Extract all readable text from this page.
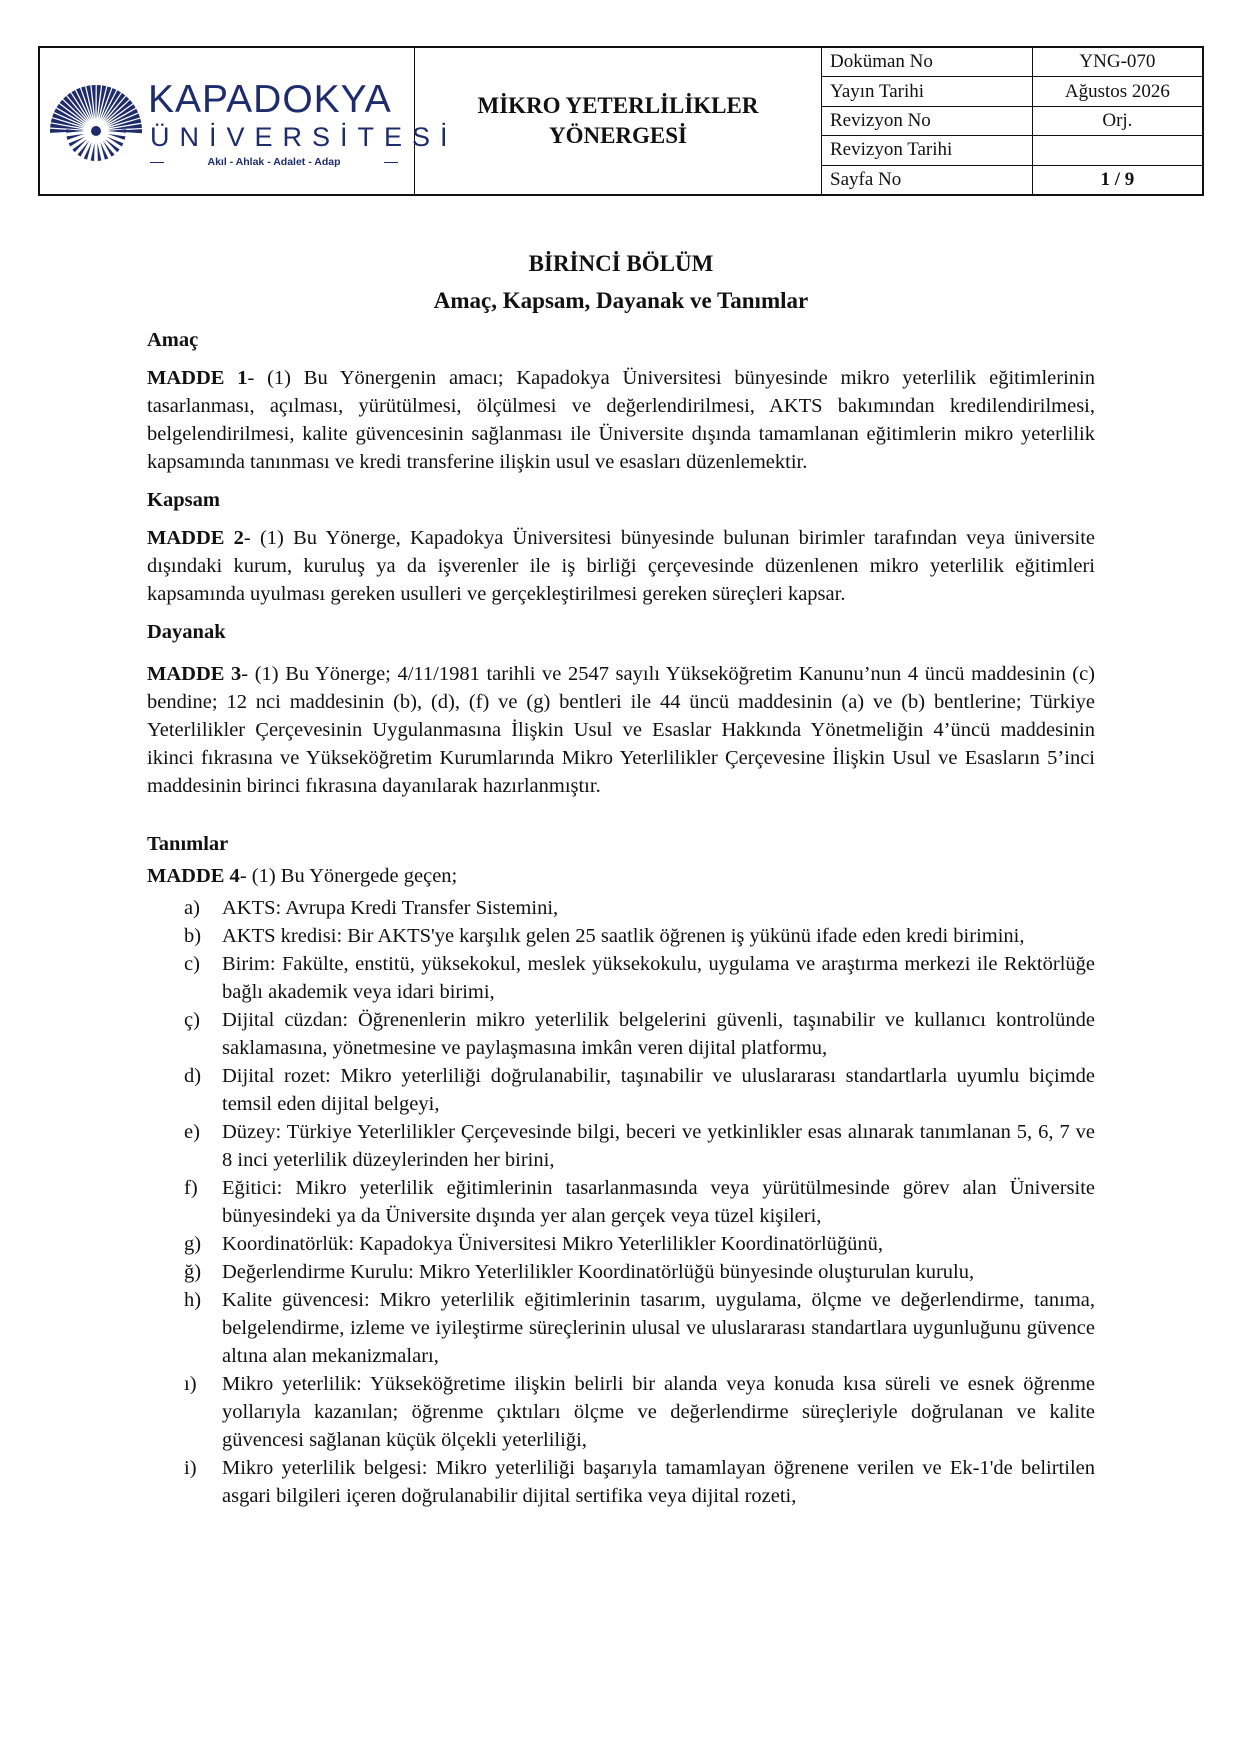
KAPADOKYA
ÜNİVERSİTESİ
Akıl - Ahlak - Adalet - Adap
MİKRO YETERLİLİKLER
YÖNERGESİ
Doküman No	YNG-070
Yayın Tarihi	Ağustos 2026
Revizyon No	Orj.
Revizyon Tarihi	
Sayfa No	1 / 9
BİRİNCİ BÖLÜM
Amaç, Kapsam, Dayanak ve Tanımlar
Amaç

MADDE 1- (1) Bu Yönergenin amacı; Kapadokya Üniversitesi bünyesinde mikro yeterlilik eğitimlerinin tasarlanması, açılması, yürütülmesi, ölçülmesi ve değerlendirilmesi, AKTS bakımından kredilendirilmesi, belgelendirilmesi, kalite güvencesinin sağlanması ile Üniversite dışında tamamlanan eğitimlerin mikro yeterlilik kapsamında tanınması ve kredi transferine ilişkin usul ve esasları düzenlemektir.

Kapsam

MADDE 2- (1) Bu Yönerge, Kapadokya Üniversitesi bünyesinde bulunan birimler tarafından veya üniversite dışındaki kurum, kuruluş ya da işverenler ile iş birliği çerçevesinde düzenlenen mikro yeterlilik eğitimleri kapsamında uyulması gereken usulleri ve gerçekleştirilmesi gereken süreçleri kapsar.

Dayanak

MADDE 3- (1) Bu Yönerge; 4/11/1981 tarihli ve 2547 sayılı Yükseköğretim Kanunu’nun 4 üncü maddesinin (c) bendine; 12 nci maddesinin (b), (d), (f) ve (g) bentleri ile 44 üncü maddesinin (a) ve (b) bentlerine; Türkiye Yeterlilikler Çerçevesinin Uygulanmasına İlişkin Usul ve Esaslar Hakkında Yönetmeliğin 4’üncü maddesinin ikinci fıkrasına ve Yükseköğretim Kurumlarında Mikro Yeterlilikler Çerçevesine İlişkin Usul ve Esasların 5’inci maddesinin birinci fıkrasına dayanılarak hazırlanmıştır.

Tanımlar

MADDE 4- (1) Bu Yönergede geçen;

a) AKTS: Avrupa Kredi Transfer Sistemini,
b) AKTS kredisi: Bir AKTS'ye karşılık gelen 25 saatlik öğrenen iş yükünü ifade eden kredi birimini,
c) Birim: Fakülte, enstitü, yüksekokul, meslek yüksekokulu, uygulama ve araştırma merkezi ile Rektörlüğe bağlı akademik veya idari birimi,
ç) Dijital cüzdan: Öğrenenlerin mikro yeterlilik belgelerini güvenli, taşınabilir ve kullanıcı kontrolünde saklamasına, yönetmesine ve paylaşmasına imkân veren dijital platformu,
d) Dijital rozet: Mikro yeterliliği doğrulanabilir, taşınabilir ve uluslararası standartlarla uyumlu biçimde temsil eden dijital belgeyi,
e) Düzey: Türkiye Yeterlilikler Çerçevesinde bilgi, beceri ve yetkinlikler esas alınarak tanımlanan 5, 6, 7 ve 8 inci yeterlilik düzeylerinden her birini,
f) Eğitici: Mikro yeterlilik eğitimlerinin tasarlanmasında veya yürütülmesinde görev alan Üniversite bünyesindeki ya da Üniversite dışında yer alan gerçek veya tüzel kişileri,
g) Koordinatörlük: Kapadokya Üniversitesi Mikro Yeterlilikler Koordinatörlüğünü,
ğ) Değerlendirme Kurulu: Mikro Yeterlilikler Koordinatörlüğü bünyesinde oluşturulan kurulu,
h) Kalite güvencesi: Mikro yeterlilik eğitimlerinin tasarım, uygulama, ölçme ve değerlendirme, tanıma, belgelendirme, izleme ve iyileştirme süreçlerinin ulusal ve uluslararası standartlara uygunluğunu güvence altına alan mekanizmaları,
ı) Mikro yeterlilik: Yükseköğretime ilişkin belirli bir alanda veya konuda kısa süreli ve esnek öğrenme yollarıyla kazanılan; öğrenme çıktıları ölçme ve değerlendirme süreçleriyle doğrulanan ve kalite güvencesi sağlanan küçük ölçekli yeterliliği,
i) Mikro yeterlilik belgesi: Mikro yeterliliği başarıyla tamamlayan öğrenene verilen ve Ek-1'de belirtilen asgari bilgileri içeren doğrulanabilir dijital sertifika veya dijital rozeti,
